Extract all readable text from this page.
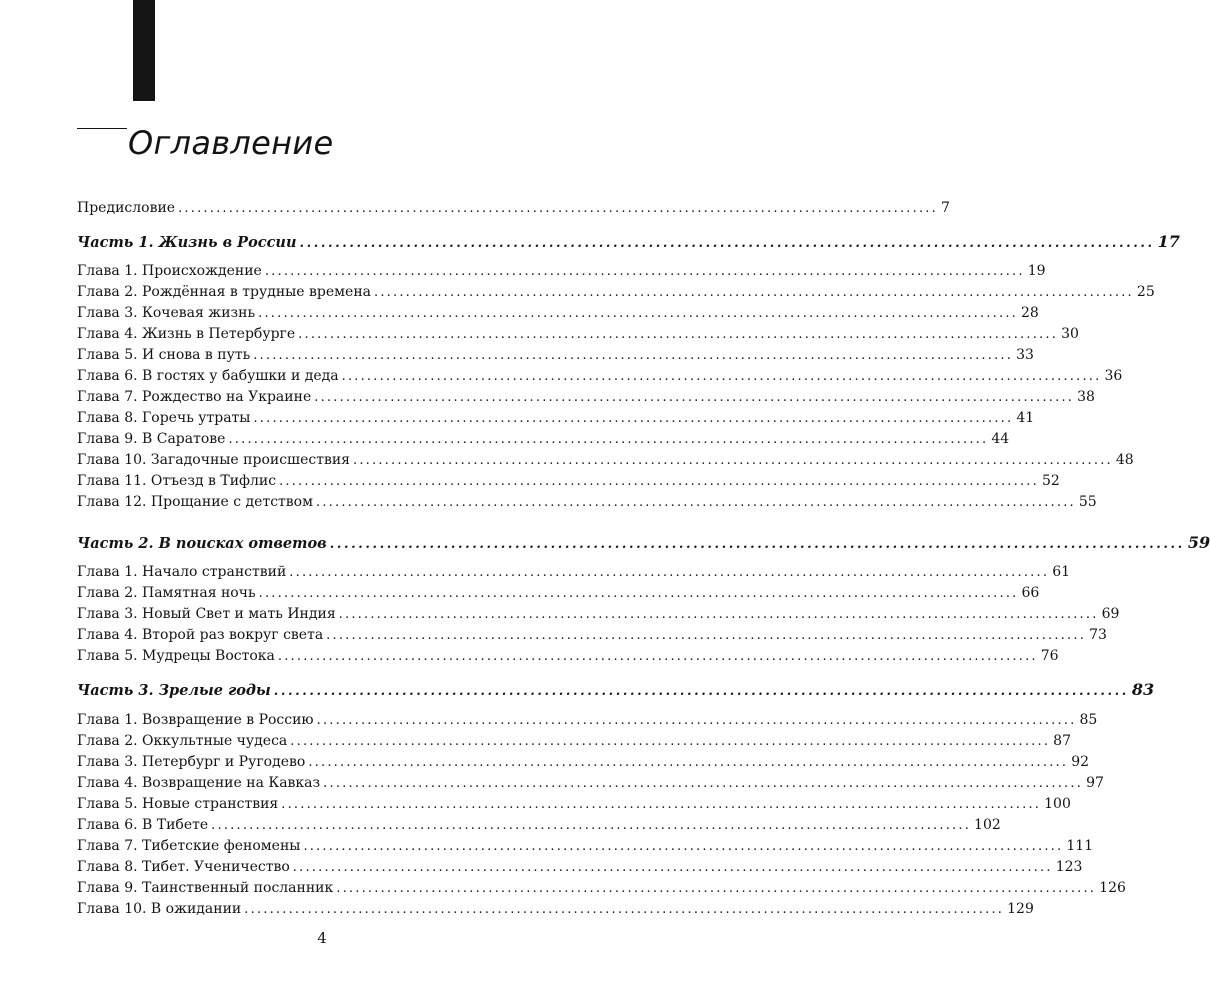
Оглавление
Предисловие ........................................................................................................................ 7
Часть 1. Жизнь в России ........................................................................................................................ 17
Глава 1. Происхождение ........................................................................................................................ 19
Глава 2. Рождённая в трудные времена ........................................................................................................................ 25
Глава 3. Кочевая жизнь ........................................................................................................................ 28
Глава 4. Жизнь в Петербурге ........................................................................................................................ 30
Глава 5. И снова в путь ........................................................................................................................ 33
Глава 6. В гостях у бабушки и деда ........................................................................................................................ 36
Глава 7. Рождество на Украине ........................................................................................................................ 38
Глава 8. Горечь утраты ........................................................................................................................ 41
Глава 9. В Саратове ........................................................................................................................ 44
Глава 10. Загадочные происшествия ........................................................................................................................ 48
Глава 11. Отъезд в Тифлис ........................................................................................................................ 52
Глава 12. Прощание с детством ........................................................................................................................ 55
Часть 2. В поисках ответов ........................................................................................................................ 59
Глава 1. Начало странствий ........................................................................................................................ 61
Глава 2. Памятная ночь ........................................................................................................................ 66
Глава 3. Новый Свет и мать Индия ........................................................................................................................ 69
Глава 4. Второй раз вокруг света ........................................................................................................................ 73
Глава 5. Мудрецы Востока ........................................................................................................................ 76
Часть 3. Зрелые годы ........................................................................................................................ 83
Глава 1. Возвращение в Россию ........................................................................................................................ 85
Глава 2. Оккультные чудеса ........................................................................................................................ 87
Глава 3. Петербург и Ругодево ........................................................................................................................ 92
Глава 4. Возвращение на Кавказ ........................................................................................................................ 97
Глава 5. Новые странствия ........................................................................................................................ 100
Глава 6. В Тибете ........................................................................................................................ 102
Глава 7. Тибетские феномены ........................................................................................................................ 111
Глава 8. Тибет. Ученичество ........................................................................................................................ 123
Глава 9. Таинственный посланник ........................................................................................................................ 126
Глава 10. В ожидании ........................................................................................................................ 129
4
